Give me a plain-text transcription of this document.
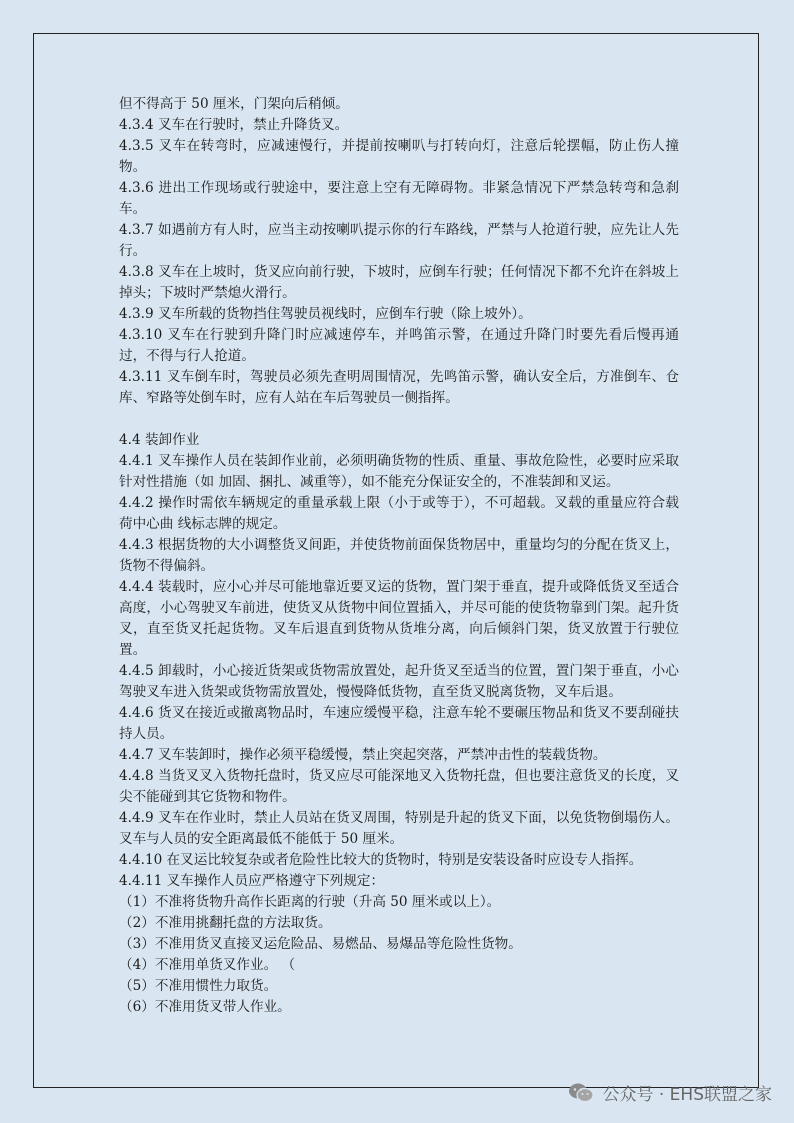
但不得高于 50 厘米，门架向后稍倾。

4.3.4 叉车在行驶时，禁止升降货叉。

4.3.5 叉车在转弯时，应减速慢行，并提前按喇叭与打转向灯，注意后轮摆幅，防止伤人撞物。

4.3.6 进出工作现场或行驶途中，要注意上空有无障碍物。非紧急情况下严禁急转弯和急刹车。

4.3.7 如遇前方有人时，应当主动按喇叭提示你的行车路线，严禁与人抢道行驶，应先让人先行。

4.3.8 叉车在上坡时，货叉应向前行驶，下坡时，应倒车行驶；任何情况下都不允许在斜坡上掉头；下坡时严禁熄火滑行。

4.3.9 叉车所载的货物挡住驾驶员视线时，应倒车行驶（除上坡外）。

4.3.10 叉车在行驶到升降门时应减速停车，并鸣笛示警，在通过升降门时要先看后慢再通过，不得与行人抢道。

4.3.11 叉车倒车时，驾驶员必须先查明周围情况，先鸣笛示警，确认安全后，方准倒车、仓库、窄路等处倒车时，应有人站在车后驾驶员一侧指挥。

4.4 装卸作业

4.4.1 叉车操作人员在装卸作业前，必须明确货物的性质、重量、事故危险性，必要时应采取针对性措施（如 加固、捆扎、减重等），如不能充分保证安全的，不准装卸和叉运。

4.4.2 操作时需依车辆规定的重量承载上限（小于或等于），不可超载。叉载的重量应符合载荷中心曲 线标志牌的规定。

4.4.3 根据货物的大小调整货叉间距，并使货物前面保货物居中，重量均匀的分配在货叉上，货物不得偏斜。

4.4.4 装载时，应小心并尽可能地靠近要叉运的货物，置门架于垂直，提升或降低货叉至适合高度，小心驾驶叉车前进，使货叉从货物中间位置插入，并尽可能的使货物靠到门架。起升货叉，直至货叉托起货物。叉车后退直到货物从货堆分离，向后倾斜门架，货叉放置于行驶位置。

4.4.5 卸载时，小心接近货架或货物需放置处，起升货叉至适当的位置，置门架于垂直，小心驾驶叉车进入货架或货物需放置处，慢慢降低货物，直至货叉脱离货物，叉车后退。

4.4.6 货叉在接近或撤离物品时，车速应缓慢平稳，注意车轮不要碾压物品和货叉不要刮碰扶持人员。

4.4.7 叉车装卸时，操作必须平稳缓慢，禁止突起突落，严禁冲击性的装载货物。

4.4.8 当货叉叉入货物托盘时，货叉应尽可能深地叉入货物托盘，但也要注意货叉的长度，叉尖不能碰到其它货物和物件。

4.4.9 叉车在作业时，禁止人员站在货叉周围，特别是升起的货叉下面，以免货物倒塌伤人。叉车与人员的安全距离最低不能低于 50 厘米。

4.4.10 在叉运比较复杂或者危险性比较大的货物时，特别是安装设备时应设专人指挥。

4.4.11 叉车操作人员应严格遵守下列规定：

（1）不准将货物升高作长距离的行驶（升高 50 厘米或以上）。

（2）不准用挑翻托盘的方法取货。

（3）不准用货叉直接叉运危险品、易燃品、易爆品等危险性货物。

（4）不准用单货叉作业。 （

（5）不准用惯性力取货。

（6）不准用货叉带人作业。

公众号 · EHS联盟之家
